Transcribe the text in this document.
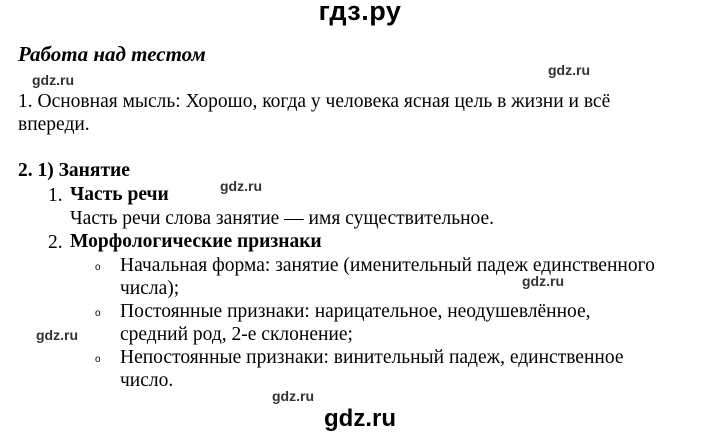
гдз.ру
gdz.ru
gdz.ru
gdz.ru
gdz.ru
gdz.ru
gdz.ru
gdz.ru
Работа над тестом
1. Основная мысль: Хорошо, когда у человека ясная цель в жизни и всё
впереди.
2. 1) Занятие
1. Часть речи
Часть речи слова занятие — имя существительное.
2. Морфологические признаки
o Начальная форма: занятие (именительный падеж единственного
числа);
o Постоянные признаки: нарицательное, неодушевлённое,
средний род, 2-е склонение;
o Непостоянные признаки: винительный падеж, единственное
число.
